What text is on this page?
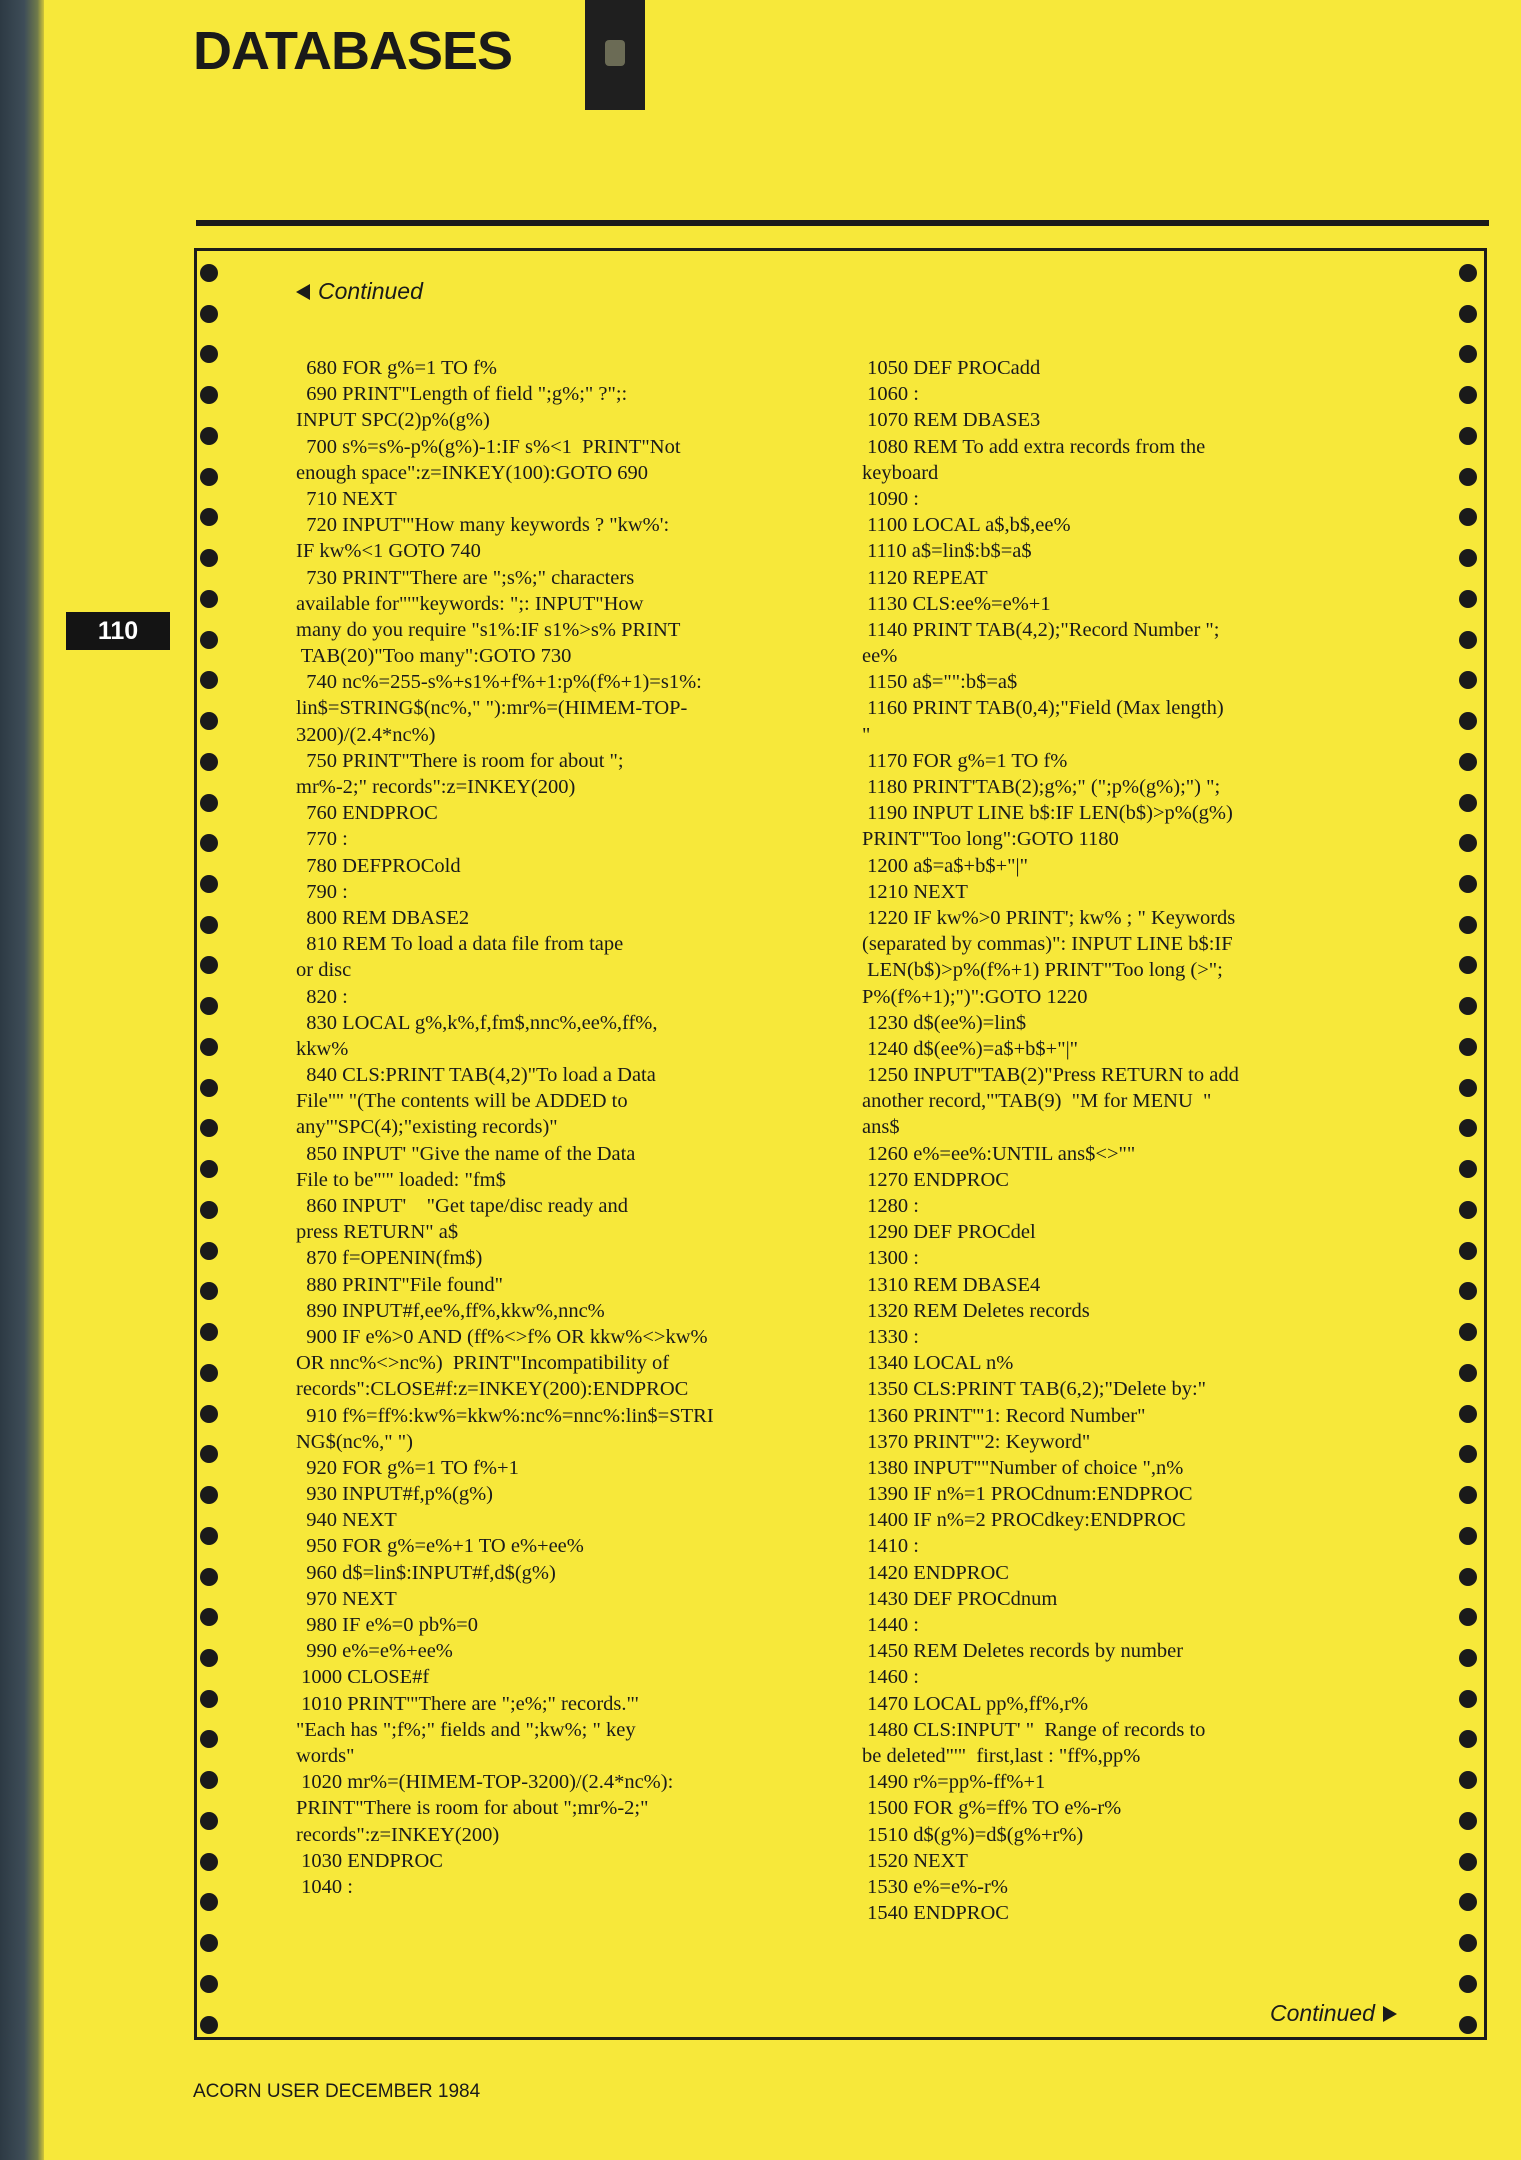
DATABASES
110

Continued

680 FOR g%=1 TO f%
690 PRINT"Length of field ";g%;" ?";:
INPUT SPC(2)p%(g%)
700 s%=s%-p%(g%)-1:IF s%<1  PRINT"Not
enough space":z=INKEY(100):GOTO 690
710 NEXT
720 INPUT'"How many keywords ? "kw%':
IF kw%<1 GOTO 740
730 PRINT"There are ";s%;" characters
available for"'"keywords: ";: INPUT"How
many do you require "s1%:IF s1%>s% PRINT
TAB(20)"Too many":GOTO 730
740 nc%=255-s%+s1%+f%+1:p%(f%+1)=s1%:
lin$=STRING$(nc%," "):mr%=(HIMEM-TOP-
3200)/(2.4*nc%)
750 PRINT"There is room for about ";
mr%-2;" records":z=INKEY(200)
760 ENDPROC
770 :
780 DEFPROCold
790 :
800 REM DBASE2
810 REM To load a data file from tape
or disc
820 :
830 LOCAL g%,k%,f,fm$,nnc%,ee%,ff%,
kkw%
840 CLS:PRINT TAB(4,2)"To load a Data
File"'' "(The contents will be ADDED to
any"'SPC(4);"existing records)"
850 INPUT' "Give the name of the Data
File to be"'" loaded: "fm$
860 INPUT'    "Get tape/disc ready and
press RETURN" a$
870 f=OPENIN(fm$)
880 PRINT"File found"
890 INPUT#f,ee%,ff%,kkw%,nnc%
900 IF e%>0 AND (ff%<>f% OR kkw%<>kw%
OR nnc%<>nc%)  PRINT"Incompatibility of
records":CLOSE#f:z=INKEY(200):ENDPROC
910 f%=ff%:kw%=kkw%:nc%=nnc%:lin$=STRI
NG$(nc%," ")
920 FOR g%=1 TO f%+1
930 INPUT#f,p%(g%)
940 NEXT
950 FOR g%=e%+1 TO e%+ee%
960 d$=lin$:INPUT#f,d$(g%)
970 NEXT
980 IF e%=0 pb%=0
990 e%=e%+ee%
1000 CLOSE#f
1010 PRINT'"There are ";e%;" records."'
"Each has ";f%;" fields and ";kw%; " key
words"
1020 mr%=(HIMEM-TOP-3200)/(2.4*nc%):
PRINT"There is room for about ";mr%-2;"
records":z=INKEY(200)
1030 ENDPROC
1040 :
1050 DEF PROCadd
1060 :
1070 REM DBASE3
1080 REM To add extra records from the
keyboard
1090 :
1100 LOCAL a$,b$,ee%
1110 a$=lin$:b$=a$
1120 REPEAT
1130 CLS:ee%=e%+1
1140 PRINT TAB(4,2);"Record Number ";
ee%
1150 a$="":b$=a$
1160 PRINT TAB(0,4);"Field (Max length)
"
1170 FOR g%=1 TO f%
1180 PRINT'TAB(2);g%;" (";p%(g%);") ";
1190 INPUT LINE b$:IF LEN(b$)>p%(g%)
PRINT"Too long":GOTO 1180
1200 a$=a$+b$+"|"
1210 NEXT
1220 IF kw%>0 PRINT'; kw% ; " Keywords
(separated by commas)": INPUT LINE b$:IF
LEN(b$)>p%(f%+1) PRINT"Too long (>";
P%(f%+1);")":GOTO 1220
1230 d$(ee%)=lin$
1240 d$(ee%)=a$+b$+"|"
1250 INPUT''TAB(2)"Press RETURN to add
another record,"'TAB(9)  "M for MENU  "
ans$
1260 e%=ee%:UNTIL ans$<>""
1270 ENDPROC
1280 :
1290 DEF PROCdel
1300 :
1310 REM DBASE4
1320 REM Deletes records
1330 :
1340 LOCAL n%
1350 CLS:PRINT TAB(6,2);"Delete by:"
1360 PRINT'"1: Record Number"
1370 PRINT'"2: Keyword"
1380 INPUT''"Number of choice ",n%
1390 IF n%=1 PROCdnum:ENDPROC
1400 IF n%=2 PROCdkey:ENDPROC
1410 :
1420 ENDPROC
1430 DEF PROCdnum
1440 :
1450 REM Deletes records by number
1460 :
1470 LOCAL pp%,ff%,r%
1480 CLS:INPUT' "  Range of records to
be deleted"'"  first,last : "ff%,pp%
1490 r%=pp%-ff%+1
1500 FOR g%=ff% TO e%-r%
1510 d$(g%)=d$(g%+r%)
1520 NEXT
1530 e%=e%-r%
1540 ENDPROC

Continued

ACORN USER DECEMBER 1984
